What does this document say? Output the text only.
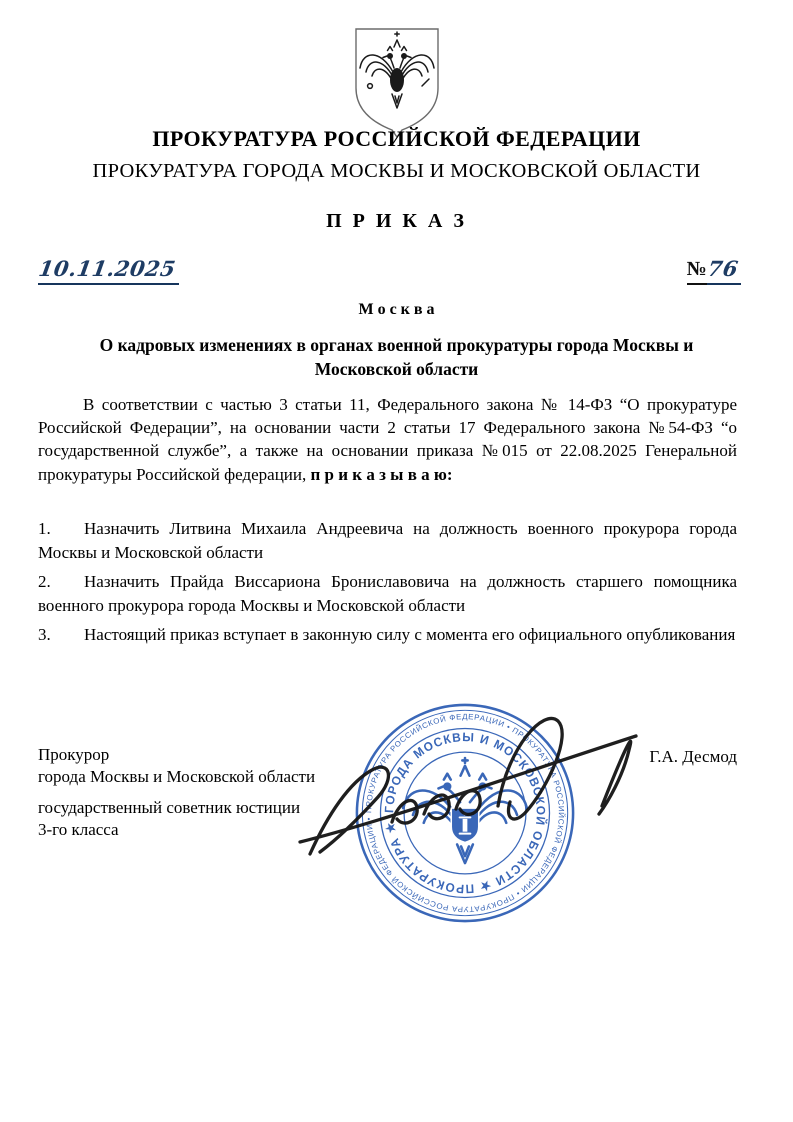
ПРОКУРАТУРА РОССИЙСКОЙ ФЕДЕРАЦИИ
ПРОКУРАТУРА ГОРОДА МОСКВЫ И МОСКОВСКОЙ ОБЛАСТИ
П Р И К А З
10.11.2025	№ 76
М о с к в а
О кадровых изменениях в органах военной прокуратуры города Москвы и Московской области

В соответствии с частью 3 статьи 11, Федерального закона № 14-ФЗ “О прокуратуре Российской Федерации”, на основании части 2 статьи 17 Федерального закона №54-ФЗ “о государственной службе”, а также на основании приказа №015 от 22.08.2025 Генеральной прокуратуры Российской федерации, п р и к а з ы в а ю:

1. Назначить Литвина Михаила Андреевича на должность военного прокурора города Москвы и Московской области

2. Назначить Прайда Виссариона Брониславовича на должность старшего помощника военного прокурора города Москвы и Московской области

3. Настоящий приказ вступает в законную силу с момента его официального опубликования

ПРОКУРАТУРА РОССИЙСКОЙ ФЕДЕРАЦИИ • ПРОКУРАТУРА РОССИЙСКОЙ ФЕДЕРАЦИИ • ПРОКУРАТУРА РОССИЙСКОЙ ФЕДЕРАЦИИ •
ГОРОДА МОСКВЫ И МОСКОВСКОЙ ОБЛАСТИ ★ ПРОКУРАТУРА ★
Прокурор
города Москвы и Московской области
государственный советник юстиции
3-го класса
Г.А. Десмод
